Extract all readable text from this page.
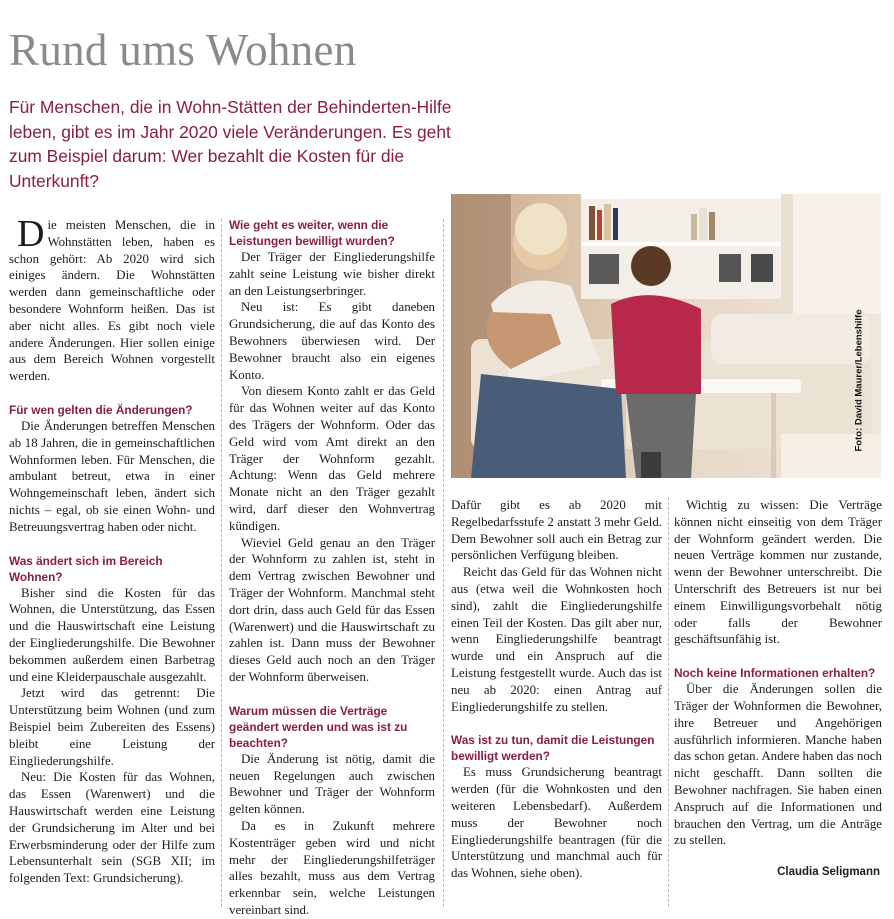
Rund ums Wohnen

Für Menschen, die in Wohn-Stätten der Behinderten-Hilfe leben, gibt es im Jahr 2020 viele Veränderungen. Es geht zum Beispiel darum: Wer bezahlt die Kosten für die Unterkunft?

Foto: David Maurer/Lebenshilfe

Die meisten Menschen, die in Wohnstätten leben, haben es schon gehört: Ab 2020 wird sich einiges ändern. Die Wohnstätten werden dann gemeinschaftliche oder besondere Wohnform heißen. Das ist aber nicht alles. Es gibt noch viele andere Änderungen. Hier sollen einige aus dem Bereich Wohnen vorgestellt werden.

Für wen gelten die Änderungen?

Die Änderungen betreffen Menschen ab 18 Jahren, die in gemeinschaftlichen Wohnformen leben. Für Menschen, die ambulant betreut, etwa in einer Wohngemeinschaft leben, ändert sich nichts – egal, ob sie einen Wohn- und Betreuungsvertrag haben oder nicht.

Was ändert sich im Bereich Wohnen?

Bisher sind die Kosten für das Wohnen, die Unterstützung, das Essen und die Hauswirtschaft eine Leistung der Eingliederungshilfe. Die Bewohner bekommen außerdem einen Barbetrag und eine Kleiderpauschale ausgezahlt.

Jetzt wird das getrennt: Die Unterstützung beim Wohnen (und zum Beispiel beim Zubereiten des Essens) bleibt eine Leistung der Eingliederungshilfe.

Neu: Die Kosten für das Wohnen, das Essen (Warenwert) und die Hauswirtschaft werden eine Leistung der Grundsicherung im Alter und bei Erwerbsminderung oder der Hilfe zum Lebensunterhalt sein (SGB XII; im folgenden Text: Grundsicherung).

Wie geht es weiter, wenn die Leistungen bewilligt wurden?

Der Träger der Eingliederungshilfe zahlt seine Leistung wie bisher direkt an den Leistungserbringer.

Neu ist: Es gibt daneben Grundsicherung, die auf das Konto des Bewohners überwiesen wird. Der Bewohner braucht also ein eigenes Konto.

Von diesem Konto zahlt er das Geld für das Wohnen weiter auf das Konto des Trägers der Wohnform. Oder das Geld wird vom Amt direkt an den Träger der Wohnform gezahlt. Achtung: Wenn das Geld mehrere Monate nicht an den Träger gezahlt wird, darf dieser den Wohnvertrag kündigen.

Wieviel Geld genau an den Träger der Wohnform zu zahlen ist, steht in dem Vertrag zwischen Bewohner und Träger der Wohnform. Manchmal steht dort drin, dass auch Geld für das Essen (Warenwert) und die Hauswirtschaft zu zahlen ist. Dann muss der Bewohner dieses Geld auch noch an den Träger der Wohnform überweisen.

Warum müssen die Verträge geändert werden und was ist zu beachten?

Die Änderung ist nötig, damit die neuen Regelungen auch zwischen Bewohner und Träger der Wohnform gelten können.

Da es in Zukunft mehrere Kostenträger geben wird und nicht mehr der Eingliederungshilfeträger alles bezahlt, muss aus dem Vertrag erkennbar sein, welche Leistungen vereinbart sind.

Dafür gibt es ab 2020 mit Regelbedarfsstufe 2 anstatt 3 mehr Geld. Dem Bewohner soll auch ein Betrag zur persönlichen Verfügung bleiben.

Reicht das Geld für das Wohnen nicht aus (etwa weil die Wohnkosten hoch sind), zahlt die Eingliederungshilfe einen Teil der Kosten. Das gilt aber nur, wenn Eingliederungshilfe beantragt wurde und ein Anspruch auf die Leistung festgestellt wurde. Auch das ist neu ab 2020: einen Antrag auf Eingliederungshilfe zu stellen.

Was ist zu tun, damit die Leistungen bewilligt werden?

Es muss Grundsicherung beantragt werden (für die Wohnkosten und den weiteren Lebensbedarf). Außerdem muss der Bewohner noch Eingliederungshilfe beantragen (für die Unterstützung und manchmal auch für das Wohnen, siehe oben).

Wichtig zu wissen: Die Verträge können nicht einseitig von dem Träger der Wohnform geändert werden. Die neuen Verträge kommen nur zustande, wenn der Bewohner unterschreibt. Die Unterschrift des Betreuers ist nur bei einem Einwilligungsvorbehalt nötig oder falls der Bewohner geschäftsunfähig ist.

Noch keine Informationen erhalten?

Über die Änderungen sollen die Träger der Wohnformen die Bewohner, ihre Betreuer und Angehörigen ausführlich informieren. Manche haben das schon getan. Andere haben das noch nicht geschafft. Dann sollten die Bewohner nachfragen. Sie haben einen Anspruch auf die Informationen und brauchen den Vertrag, um die Anträge zu stellen.

Claudia Seligmann
